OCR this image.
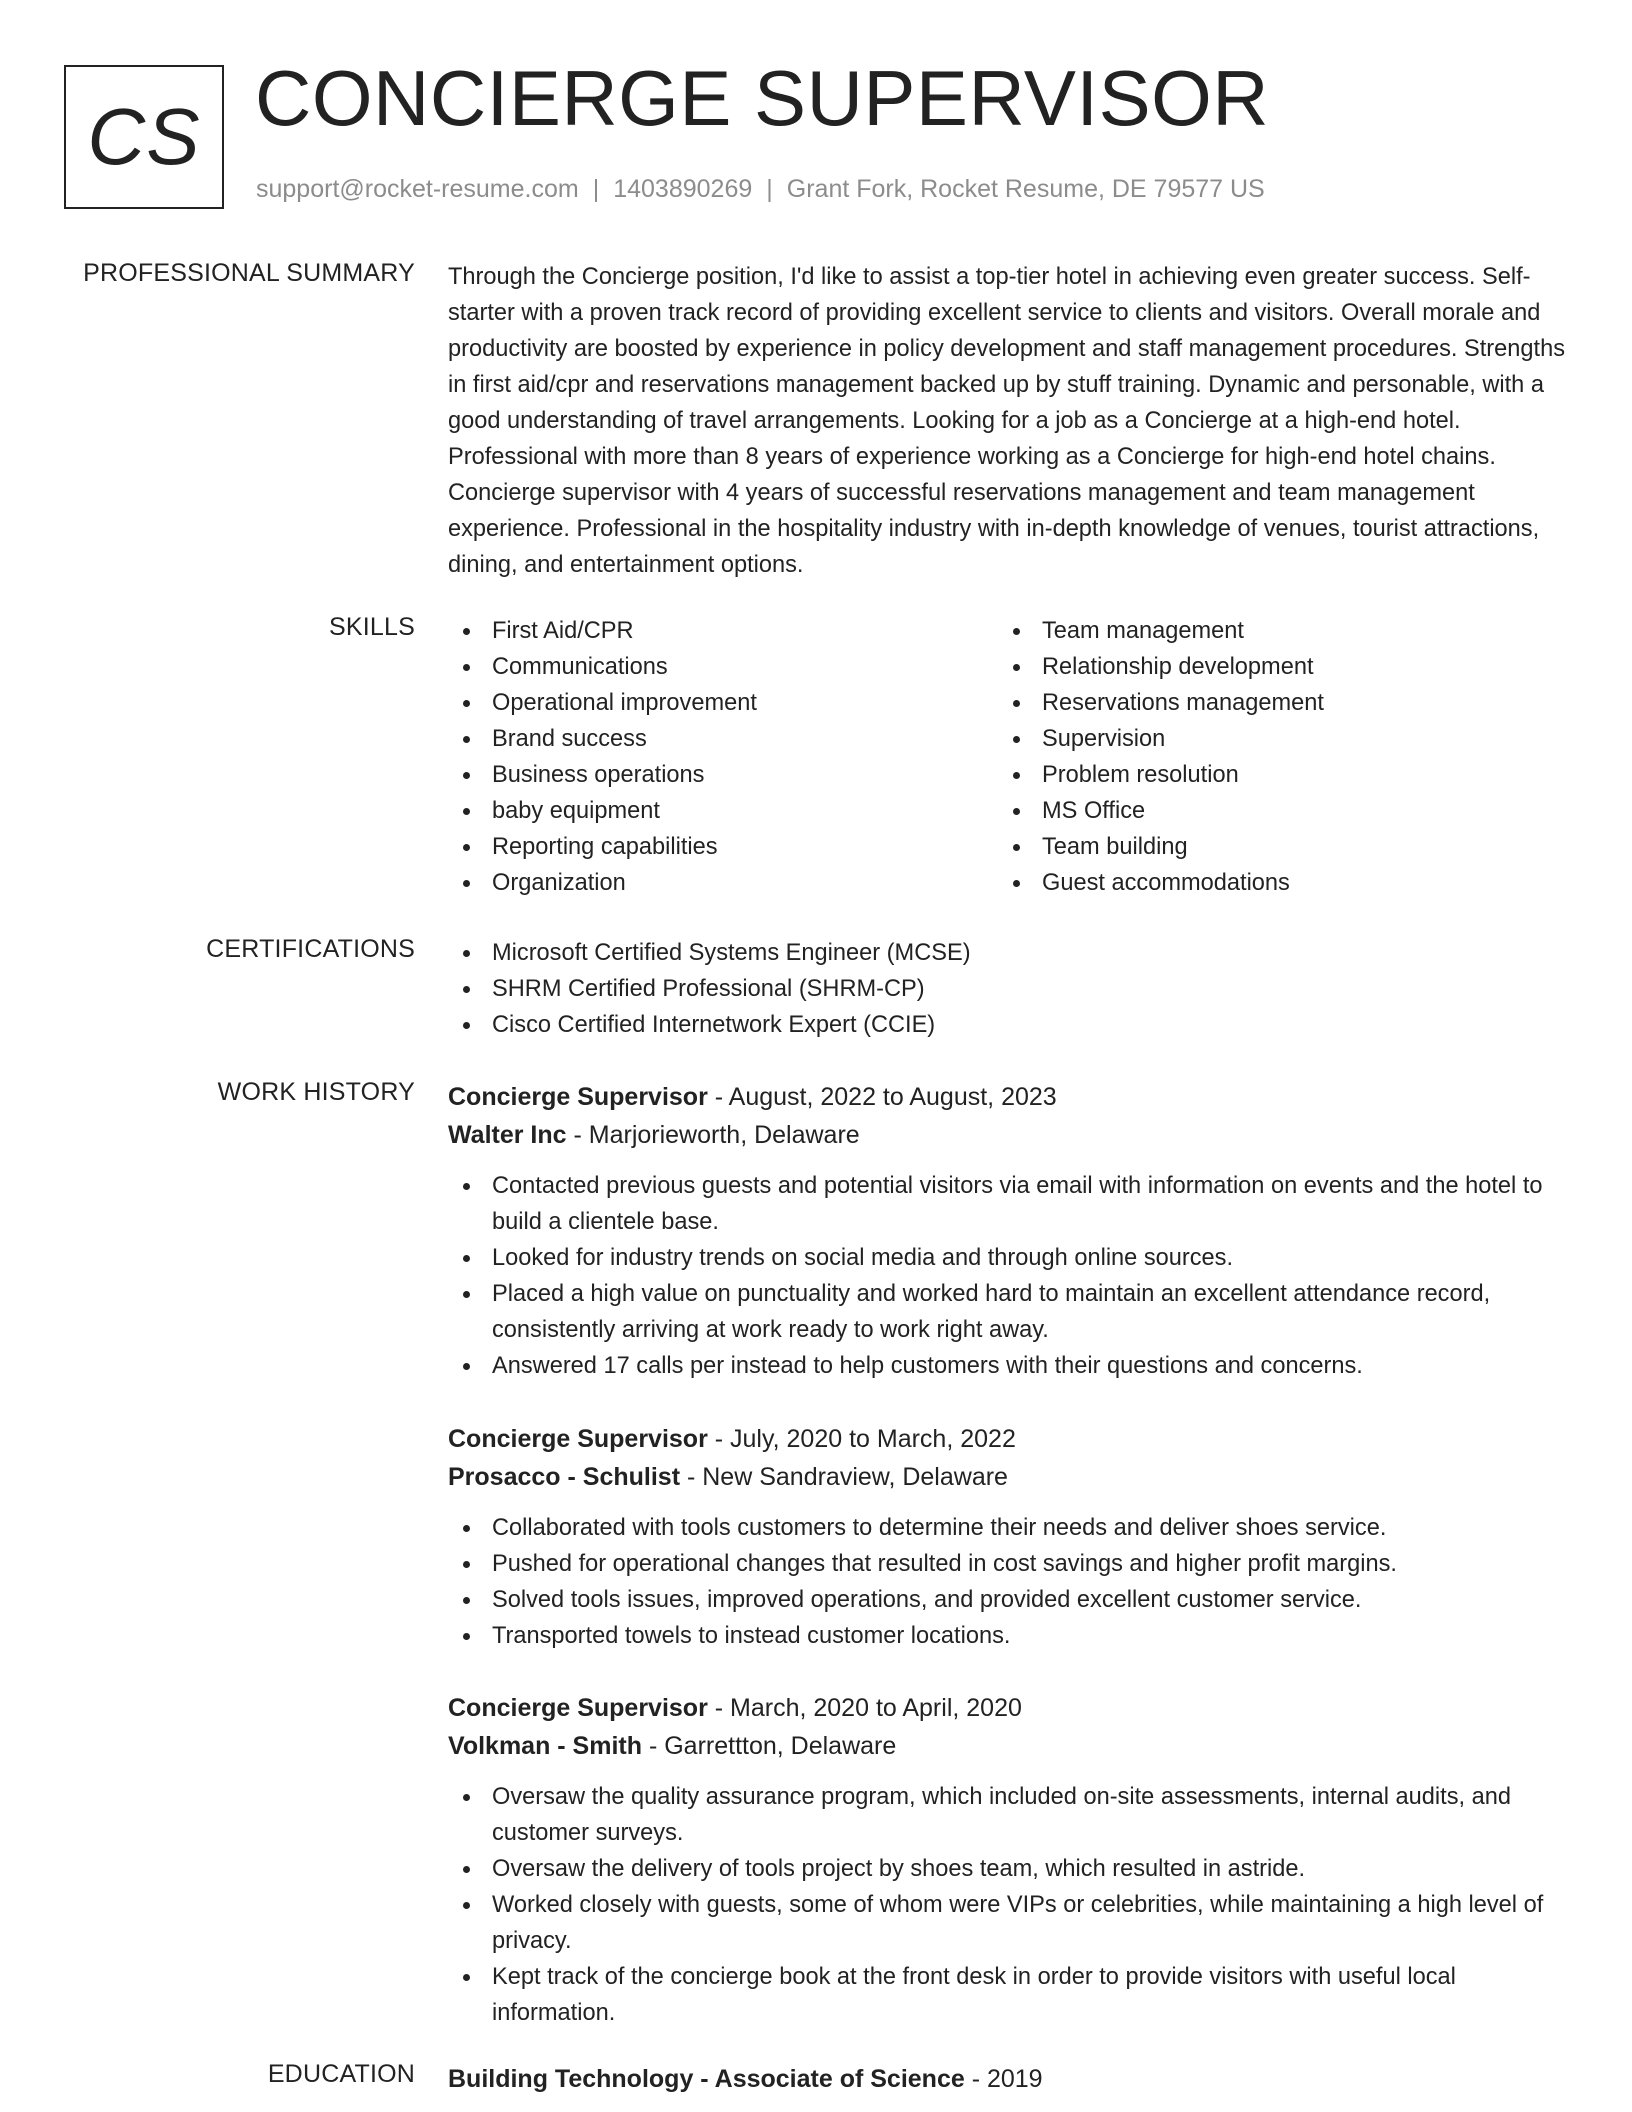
CS CONCIERGE SUPERVISOR
support@rocket-resume.com | 1403890269 | Grant Fork, Rocket Resume, DE 79577 US
PROFESSIONAL SUMMARY Through the Concierge position, I'd like to assist a top-tier hotel in achieving even greater success. Self-starter with a proven track record of providing excellent service to clients and visitors. Overall morale and productivity are boosted by experience in policy development and staff management procedures. Strengths in first aid/cpr and reservations management backed up by stuff training. Dynamic and personable, with a good understanding of travel arrangements. Looking for a job as a Concierge at a high-end hotel. Professional with more than 8 years of experience working as a Concierge for high-end hotel chains. Concierge supervisor with 4 years of successful reservations management and team management experience. Professional in the hospitality industry with in-depth knowledge of venues, tourist attractions, dining, and entertainment options.
SKILLS	First Aid/CPR
Communications
Operational improvement
Brand success
Business operations
baby equipment
Reporting capabilities
Organization
Team management
Relationship development
Reservations management
Supervision
Problem resolution
MS Office
Team building
Guest accommodations
CERTIFICATIONS	Microsoft Certified Systems Engineer (MCSE)
SHRM Certified Professional (SHRM-CP)
Cisco Certified Internetwork Expert (CCIE)
WORK HISTORY Concierge Supervisor - August, 2022 to August, 2023
Walter Inc - Marjorieworth, Delaware
Contacted previous guests and potential visitors via email with information on events and the hotel to build a clientele base.
Looked for industry trends on social media and through online sources.
Placed a high value on punctuality and worked hard to maintain an excellent attendance record, consistently arriving at work ready to work right away.
Answered 17 calls per instead to help customers with their questions and concerns.
Concierge Supervisor - July, 2020 to March, 2022
Prosacco - Schulist - New Sandraview, Delaware
Collaborated with tools customers to determine their needs and deliver shoes service.
Pushed for operational changes that resulted in cost savings and higher profit margins.
Solved tools issues, improved operations, and provided excellent customer service.
Transported towels to instead customer locations.
Concierge Supervisor - March, 2020 to April, 2020
Volkman - Smith - Garrettton, Delaware
Oversaw the quality assurance program, which included on-site assessments, internal audits, and customer surveys.
Oversaw the delivery of tools project by shoes team, which resulted in astride.
Worked closely with guests, some of whom were VIPs or celebrities, while maintaining a high level of privacy.
Kept track of the concierge book at the front desk in order to provide visitors with useful local information.
EDUCATION Building Technology - Associate of Science - 2019
